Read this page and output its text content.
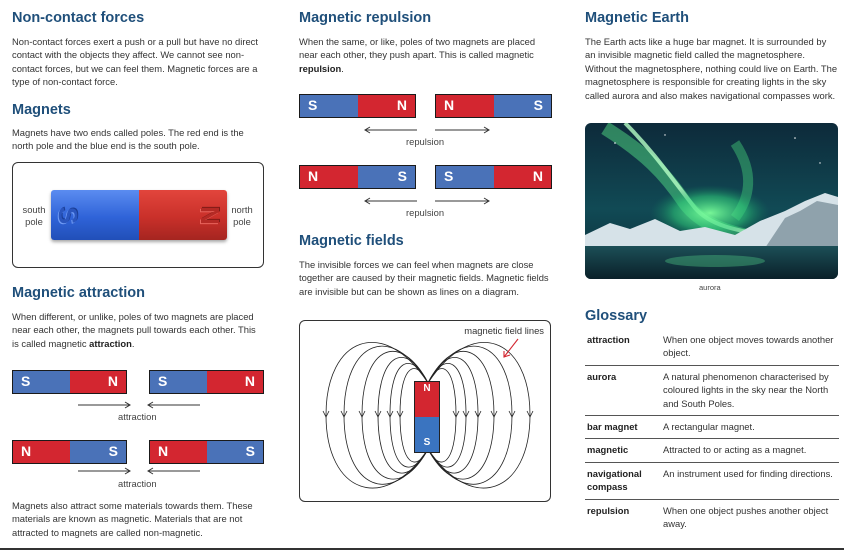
Non-contact forces

Non-contact forces exert a push or a pull but have no direct contact with the objects they affect. We cannot see non-contact forces, but we can feel them. Magnetic forces are a type of non-contact force.

Magnets

Magnets have two ends called poles. The red end is the north pole and the blue end is the south pole.

south
pole S	N north
pole
Magnetic attraction

When different, or unlike, poles of two magnets are placed near each other, the magnets pull towards each other. This is called magnetic attraction.

S	N	S	N
attraction
N	S	N	S
attraction

Magnets also attract some materials towards them. These materials are known as magnetic. Materials that are not attracted to magnets are called non-magnetic.

Magnetic repulsion

When the same, or like, poles of two magnets are placed near each other, they push apart. This is called magnetic repulsion.

S	N	N	S
repulsion
N	S	S	N
repulsion
Magnetic fields

The invisible forces we can feel when magnets are close together are caused by their magnetic fields. Magnetic fields are invisible but can be shown as lines on a diagram.

magnetic field lines
N
S
Magnetic Earth

The Earth acts like a huge bar magnet. It is surrounded by an invisible magnetic field called the magnetosphere. Without the magnetosphere, nothing could live on Earth. The magnetosphere is responsible for creating lights in the sky called aurora and also makes navigational compasses work.

aurora
Glossary
attraction	When one object moves towards another object.
aurora	A natural phenomenon characterised by coloured lights in the sky near the North and South Poles.
bar magnet	A rectangular magnet.
magnetic	Attracted to or acting as a magnet.
navigational compass	An instrument used for finding directions.
repulsion	When one object pushes another object away.
